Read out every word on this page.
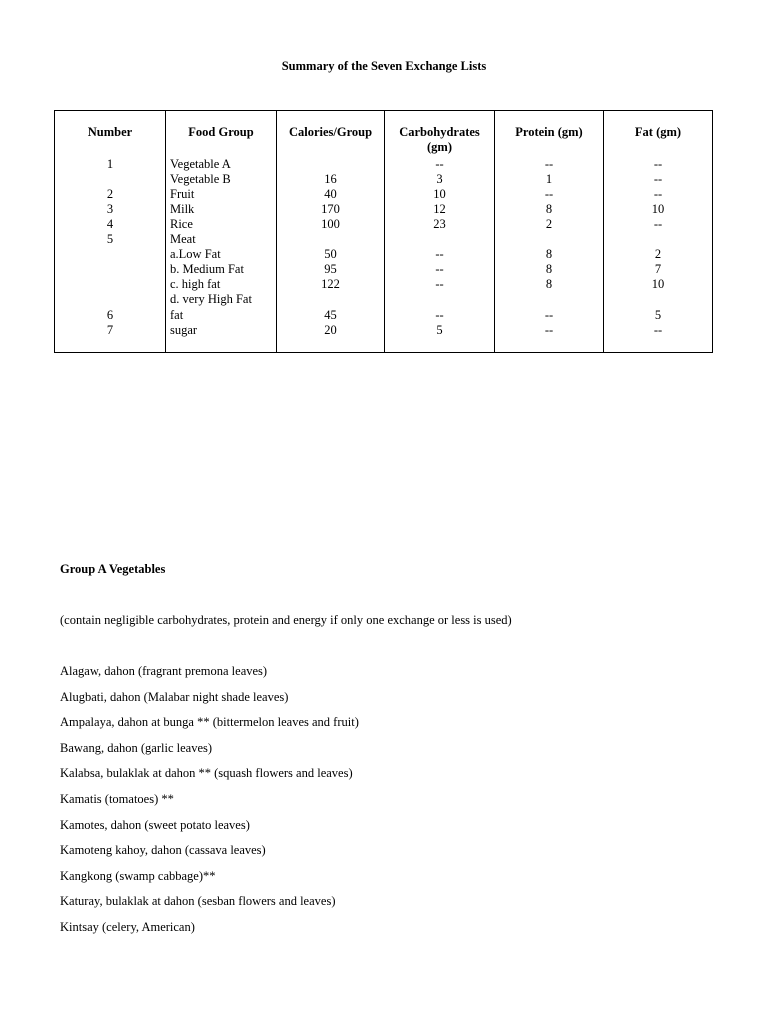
Summary of the Seven Exchange Lists
Number
1
2
3
4
5
6
7
Food Group
Vegetable A
Vegetable B
Fruit
Milk
Rice
Meat
a.Low Fat
b. Medium Fat
c. high fat
d. very High Fat
fat
sugar
Calories/Group
16
40
170
100
50
95
122
45
20
Carbohydrates
(gm)
--
3
10
12
23
--
--
--
--
5
Protein (gm)
--
1
--
8
2
8
8
8
--
--
Fat (gm)
--
--
--
10
--
2
7
10
5
--
Group A Vegetables
(contain negligible carbohydrates, protein and energy if only one exchange or less is used)
Alagaw, dahon (fragrant premona leaves)
Alugbati, dahon (Malabar night shade leaves)
Ampalaya, dahon at bunga ** (bittermelon leaves and fruit)
Bawang, dahon (garlic leaves)
Kalabsa, bulaklak at dahon ** (squash flowers and leaves)
Kamatis (tomatoes) **
Kamotes, dahon (sweet potato leaves)
Kamoteng kahoy, dahon (cassava leaves)
Kangkong (swamp cabbage)**
Katuray, bulaklak at dahon (sesban flowers and leaves)
Kintsay (celery, American)
